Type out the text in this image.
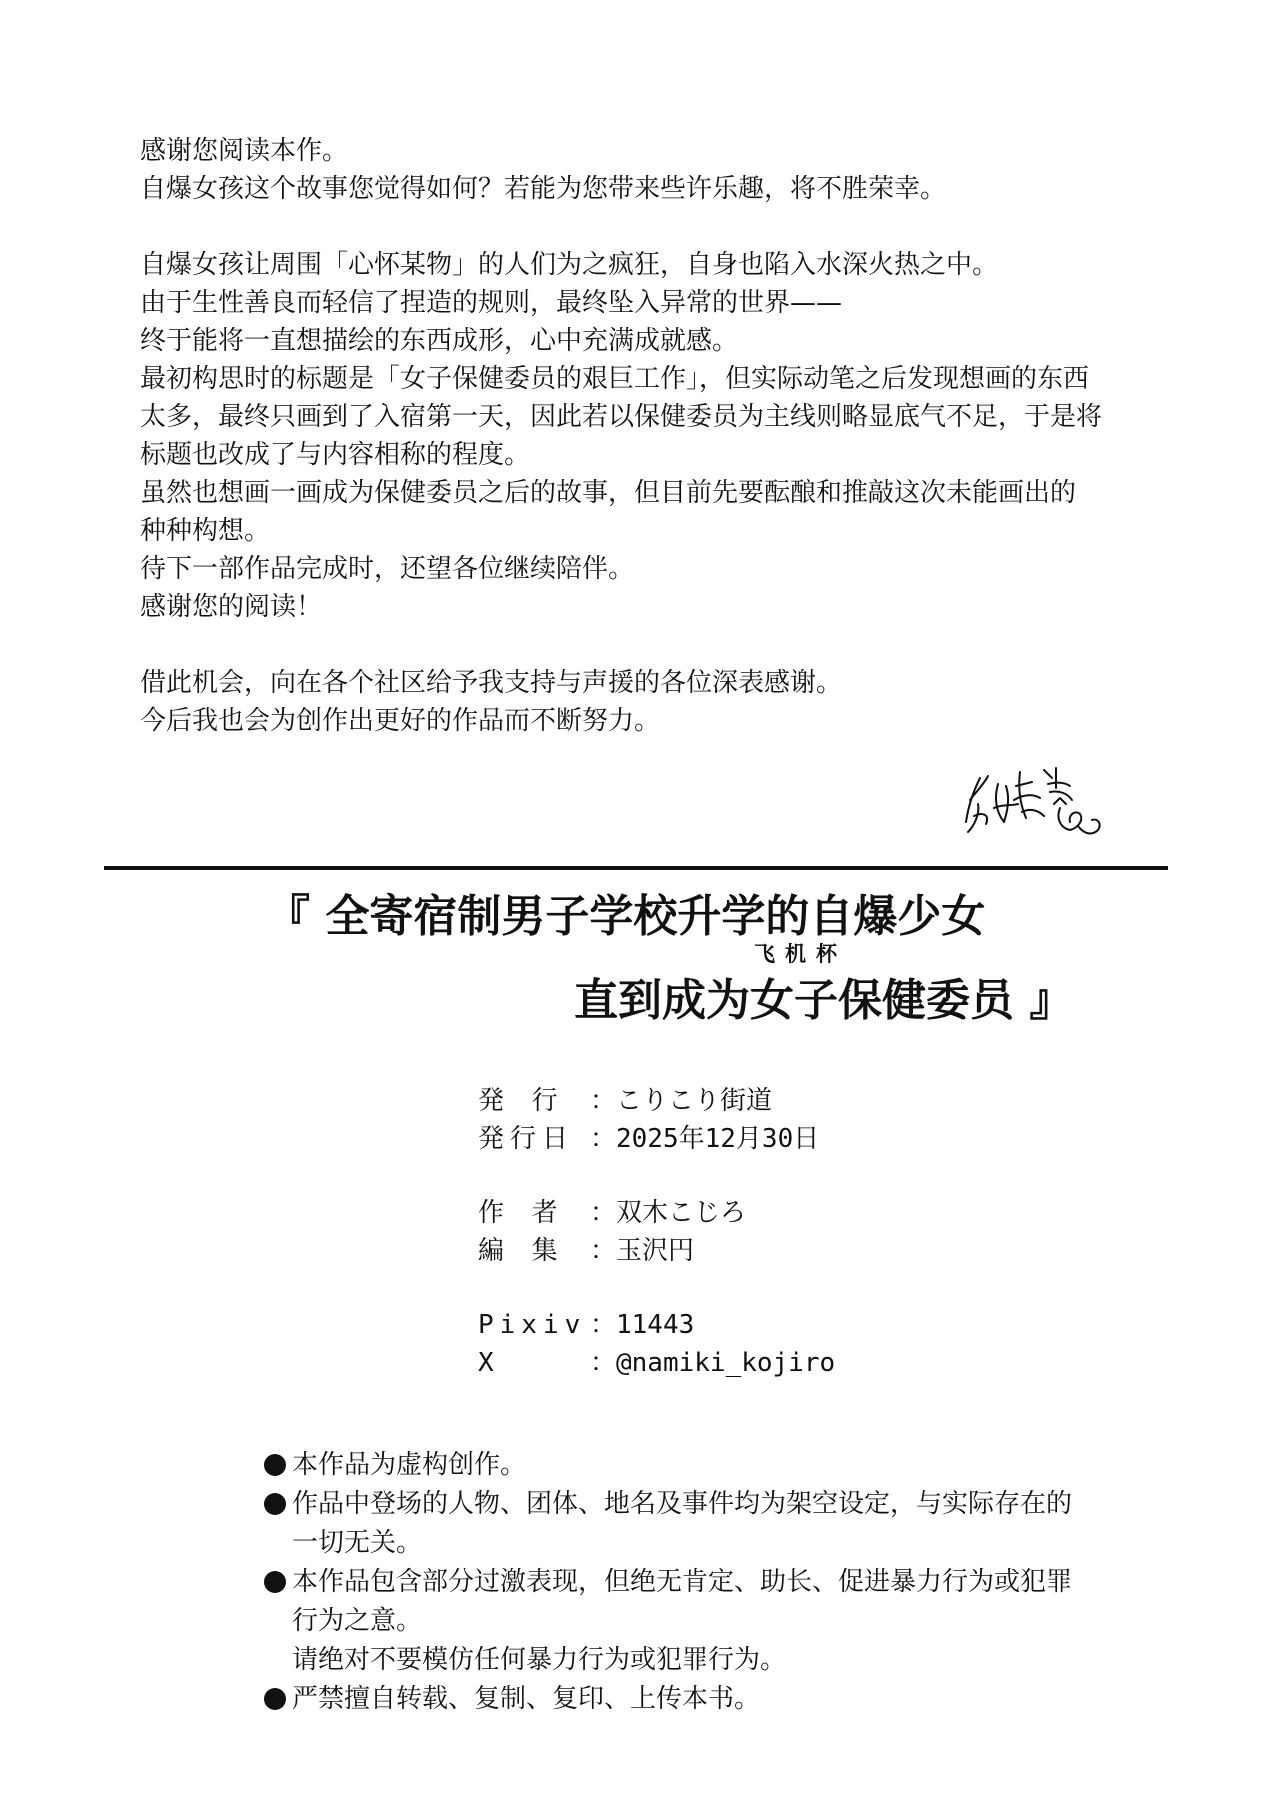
感谢您阅读本作。
自爆女孩这个故事您觉得如何？若能为您带来些许乐趣，将不胜荣幸。

自爆女孩让周围「心怀某物」的人们为之疯狂，自身也陷入水深火热之中。
由于生性善良而轻信了捏造的规则，最终坠入异常的世界——
终于能将一直想描绘的东西成形，心中充满成就感。
最初构思时的标题是「女子保健委员的艰巨工作」，但实际动笔之后发现想画的东西
太多，最终只画到了入宿第一天，因此若以保健委员为主线则略显底气不足，于是将
标题也改成了与内容相称的程度。
虽然也想画一画成为保健委员之后的故事，但目前先要酝酿和推敲这次未能画出的
种种构想。
待下一部作品完成时，还望各位继续陪伴。
感谢您的阅读！

借此机会，向在各个社区给予我支持与声援的各位深表感谢。
今后我也会为创作出更好的作品而不断努力。

『 全寄宿制男子学校升学的自爆少女
直到成为
飞机杯
女子保健委员 』
発 行	：こりこり街道
発行日 ：2025年12月30日
作 者	：双木こじろ
編 集	：玉沢円
Pixiv ：11443
X	：@namiki_kojiro
本作品为虚构创作。
作品中登场的人物、团体、地名及事件均为架空设定，与实际存在的
一切无关。
本作品包含部分过激表现，但绝无肯定、助长、促进暴力行为或犯罪
行为之意。
请绝对不要模仿任何暴力行为或犯罪行为。
严禁擅自转载、复制、复印、上传本书。
